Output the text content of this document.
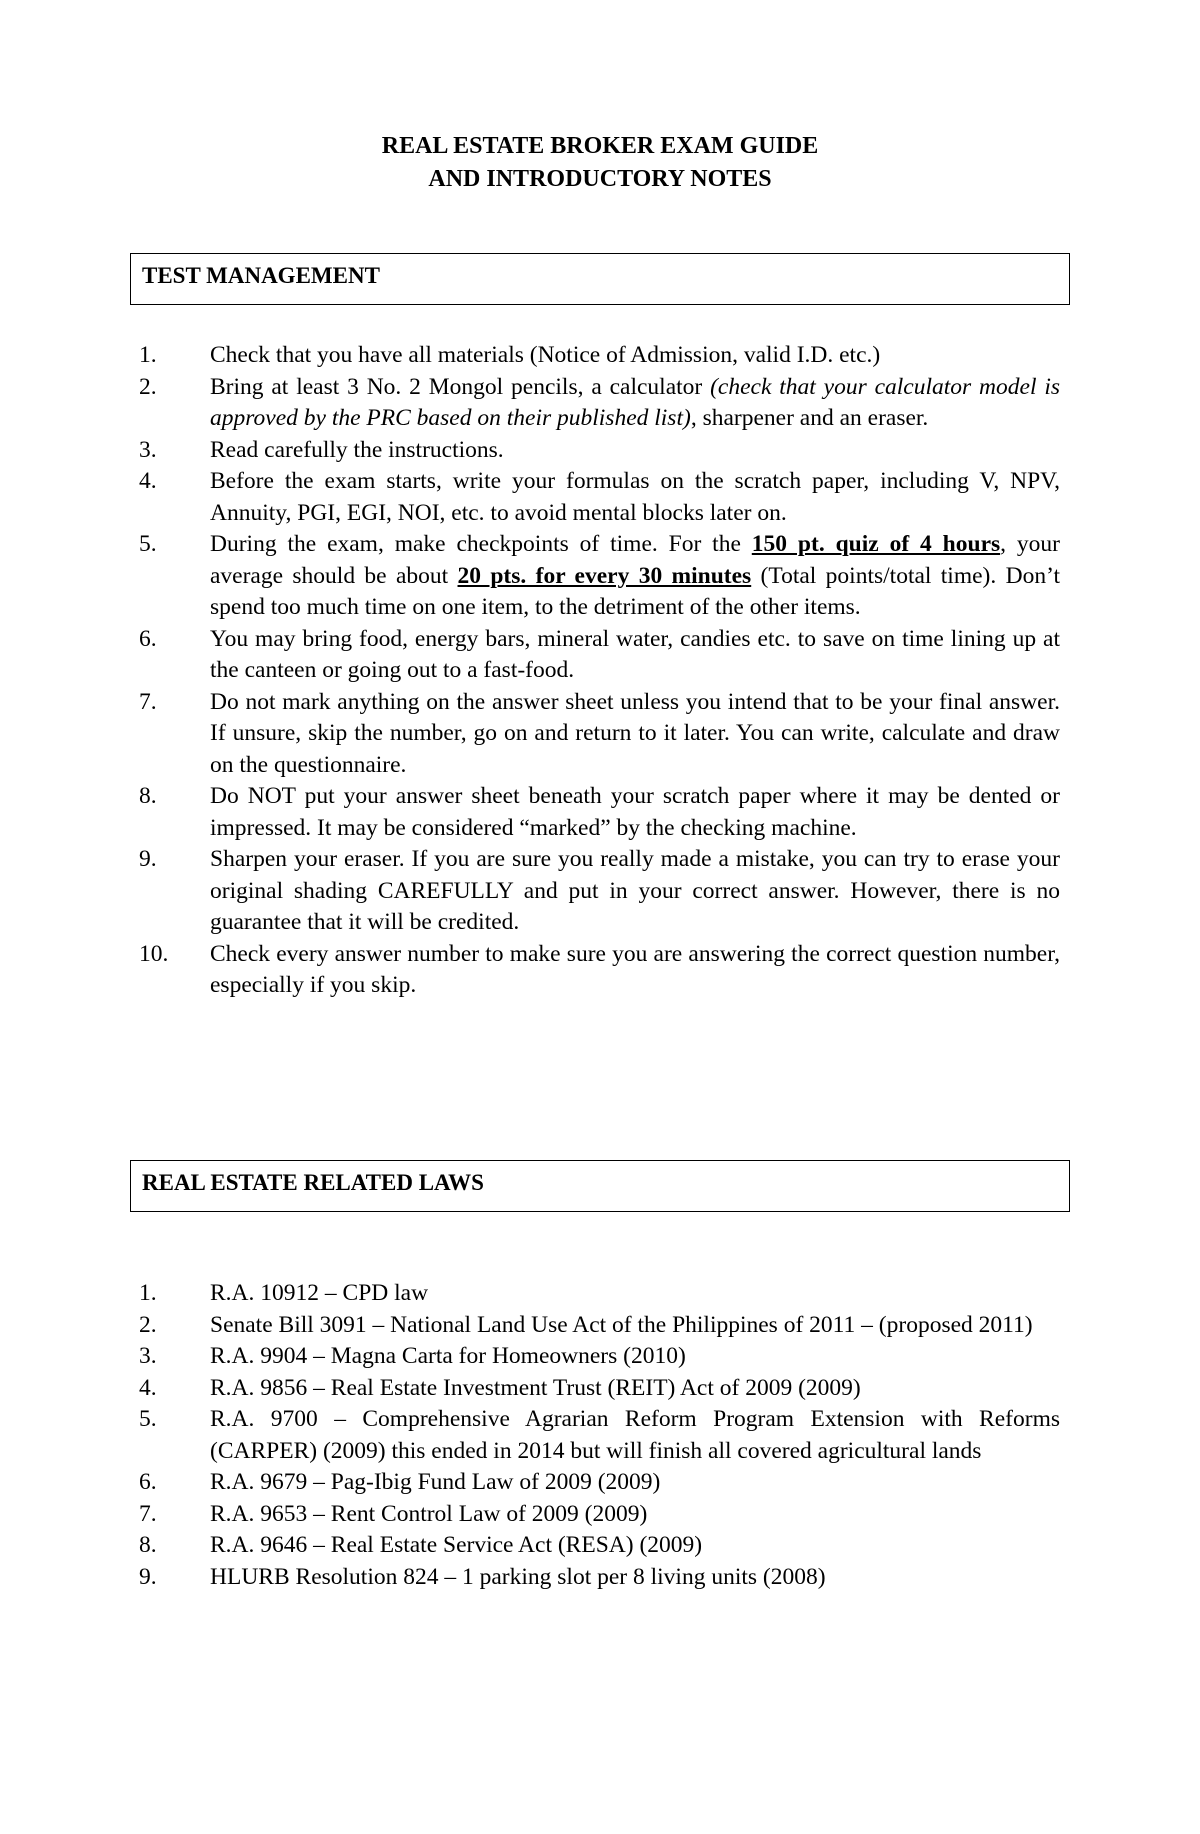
REAL ESTATE BROKER EXAM GUIDE
AND INTRODUCTORY NOTES
TEST MANAGEMENT
1.	Check that you have all materials (Notice of Admission, valid I.D. etc.)
2.	Bring at least 3 No. 2 Mongol pencils, a calculator (check that your calculator model is approved by the PRC based on their published list), sharpener and an eraser.
3.	Read carefully the instructions.
4.	Before the exam starts, write your formulas on the scratch paper, including V, NPV, Annuity, PGI, EGI, NOI, etc. to avoid mental blocks later on.
5.	During the exam, make checkpoints of time. For the 150 pt. quiz of 4 hours, your average should be about 20 pts. for every 30 minutes (Total points/total time). Don’t spend too much time on one item, to the detriment of the other items.
6.	You may bring food, energy bars, mineral water, candies etc. to save on time lining up at the canteen or going out to a fast-food.
7.	Do not mark anything on the answer sheet unless you intend that to be your final answer. If unsure, skip the number, go on and return to it later. You can write, calculate and draw on the questionnaire.
8.	Do NOT put your answer sheet beneath your scratch paper where it may be dented or impressed. It may be considered “marked” by the checking machine.
9.	Sharpen your eraser. If you are sure you really made a mistake, you can try to erase your original shading CAREFULLY and put in your correct answer. However, there is no guarantee that it will be credited.
10.	Check every answer number to make sure you are answering the correct question number, especially if you skip.
REAL ESTATE RELATED LAWS
1.	R.A. 10912 – CPD law
2.	Senate Bill 3091 – National Land Use Act of the Philippines of 2011 – (proposed 2011)
3.	R.A. 9904 – Magna Carta for Homeowners (2010)
4.	R.A. 9856 – Real Estate Investment Trust (REIT) Act of 2009 (2009)
5.	R.A. 9700 – Comprehensive Agrarian Reform Program Extension with Reforms (CARPER) (2009) this ended in 2014 but will finish all covered agricultural lands
6.	R.A. 9679 – Pag-Ibig Fund Law of 2009 (2009)
7.	R.A. 9653 – Rent Control Law of 2009 (2009)
8.	R.A. 9646 – Real Estate Service Act (RESA) (2009)
9.	HLURB Resolution 824 – 1 parking slot per 8 living units (2008)
